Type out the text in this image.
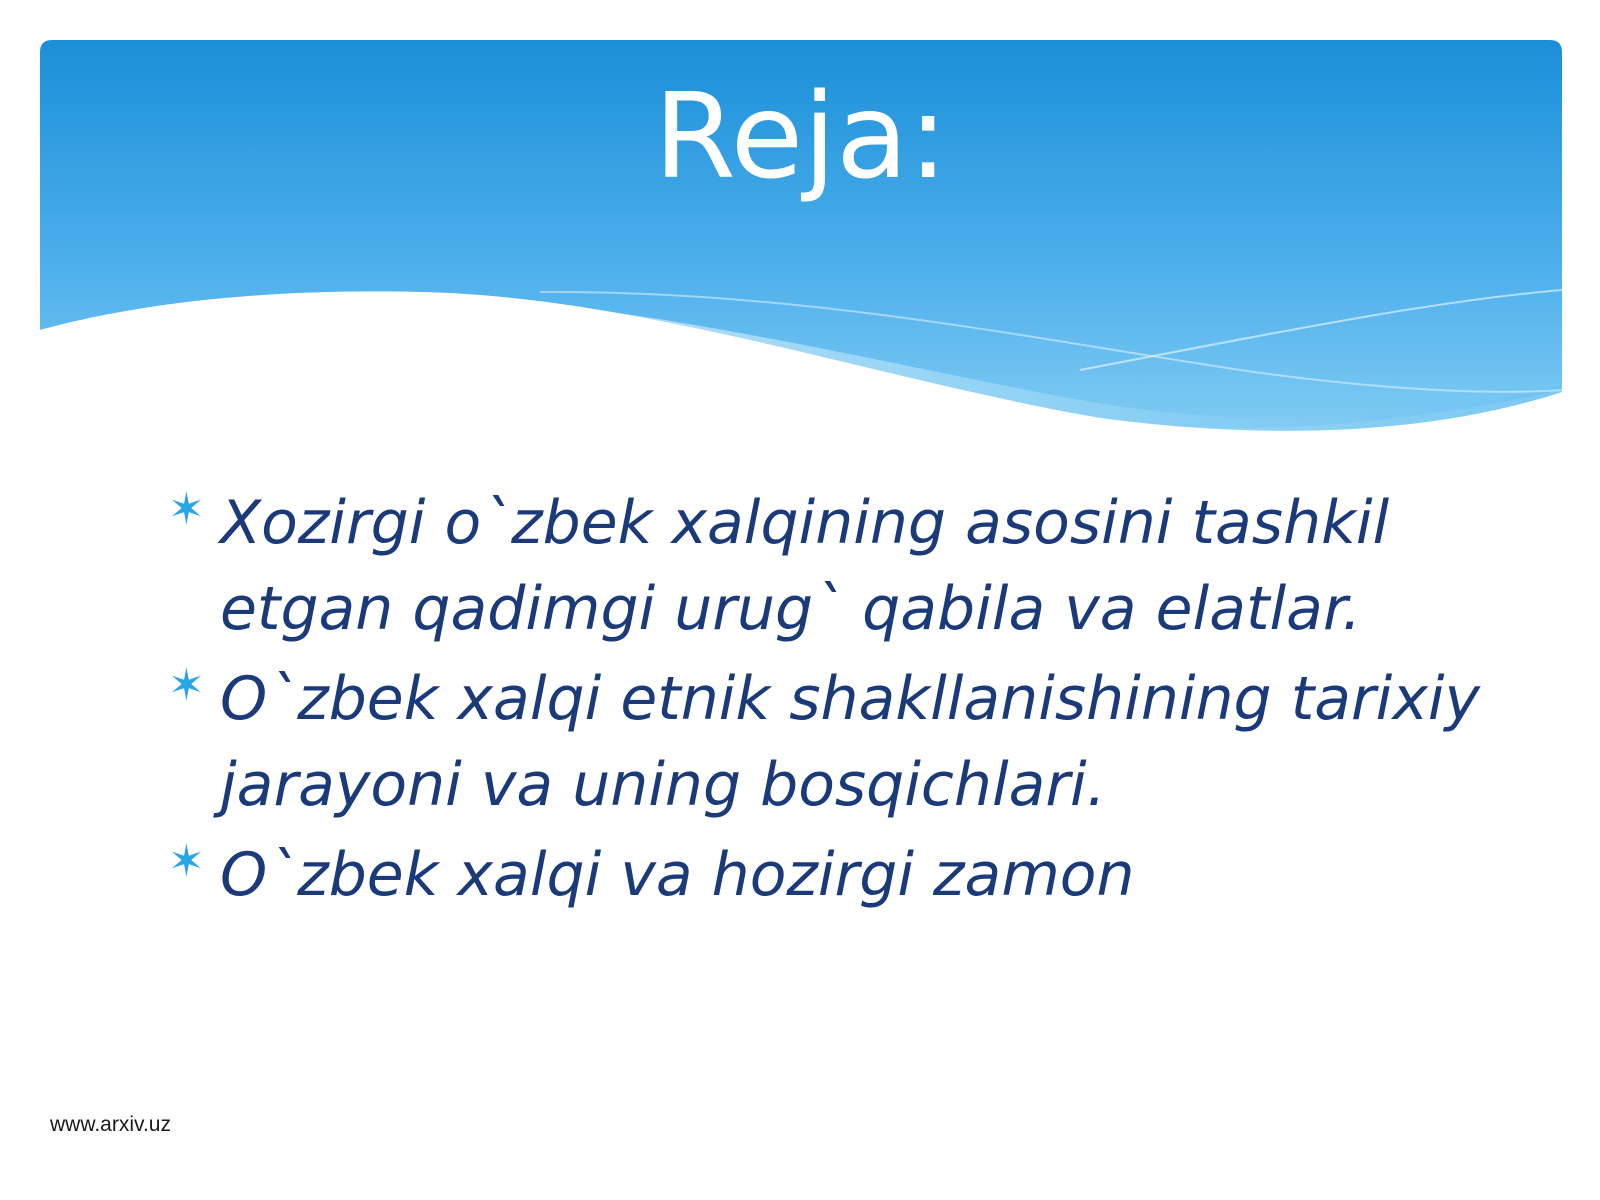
Reja:
✶ Xozirgi o`zbek xalqining asosini tashkil etgan qadimgi urug` qabila va elatlar.
✶ O`zbek xalqi etnik shakllanishining tarixiy jarayoni va uning bosqichlari.
✶ O`zbek xalqi va hozirgi zamon
www.arxiv.uz
